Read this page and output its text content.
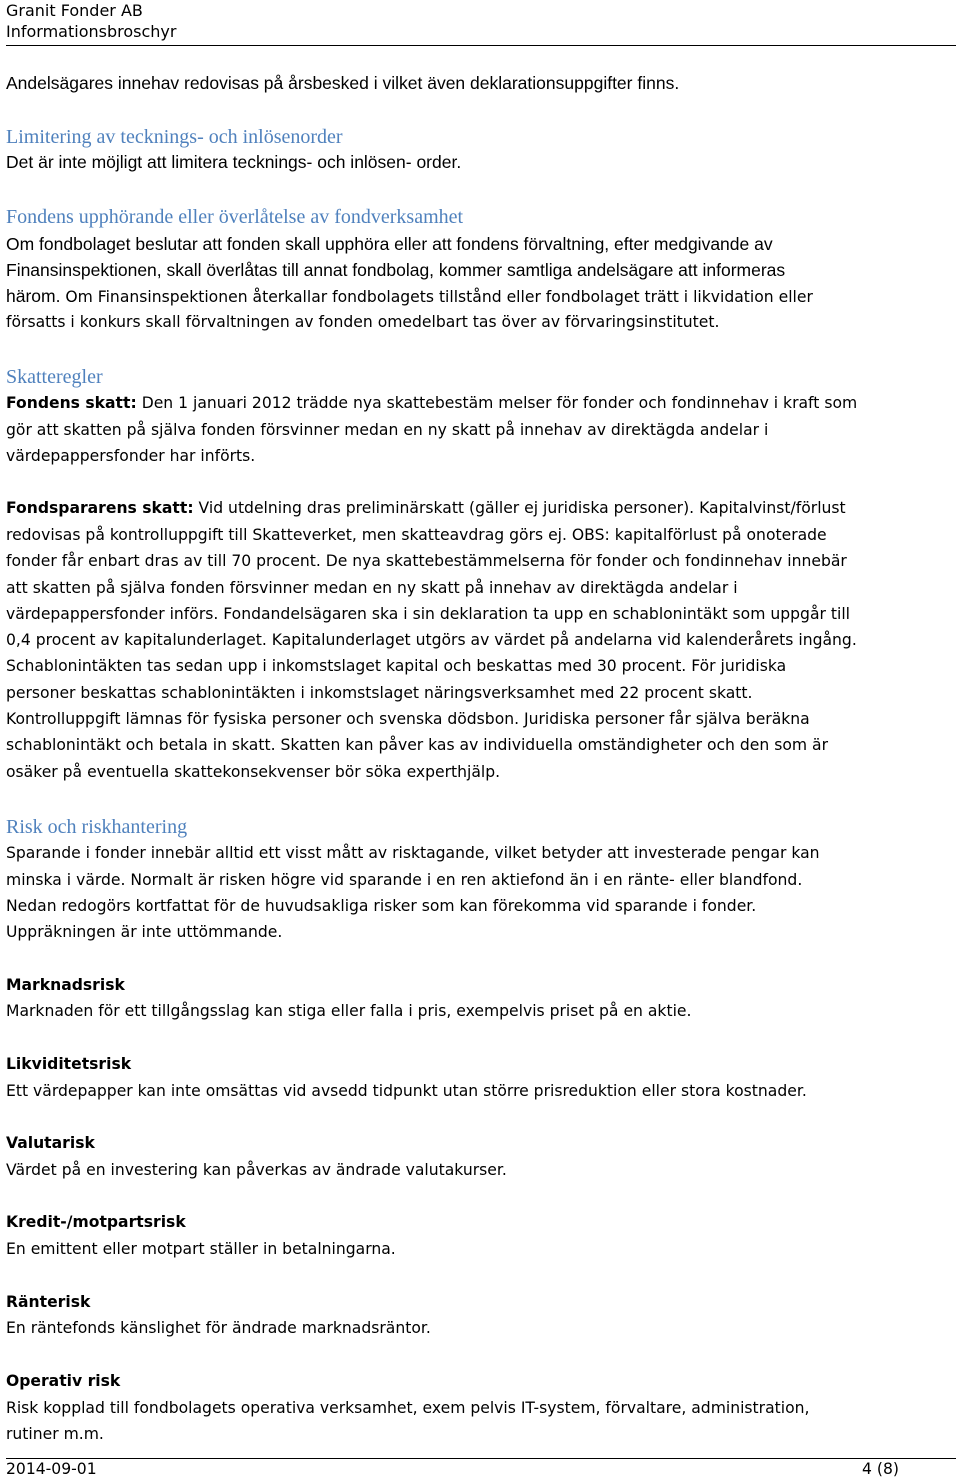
Granit Fonder AB
Informationsbroschyr
Andelsägares innehav redovisas på årsbesked i vilket även deklarationsuppgifter finns.
Limitering av tecknings- och inlösenorder
Det är inte möjligt att limitera tecknings- och inlösen- order.
Fondens upphörande eller överlåtelse av fondverksamhet
Om fondbolaget beslutar att fonden skall upphöra eller att fondens förvaltning, efter medgivande av
Finansinspektionen, skall överlåtas till annat fondbolag, kommer samtliga andelsägare att informeras
härom. Om Finansinspektionen återkallar fondbolagets tillstånd eller fondbolaget trätt i likvidation eller
försatts i konkurs skall förvaltningen av fonden omedelbart tas över av förvaringsinstitutet.
Skatteregler
Fondens skatt: Den 1 januari 2012 trädde nya skattebestäm melser för fonder och fondinnehav i kraft som
gör att skatten på själva fonden försvinner medan en ny skatt på innehav av direktägda andelar i
värdepappersfonder har införts.
Fondspararens skatt: Vid utdelning dras preliminärskatt (gäller ej juridiska personer). Kapitalvinst/förlust
redovisas på kontrolluppgift till Skatteverket, men skatteavdrag görs ej. OBS: kapitalförlust på onoterade
fonder får enbart dras av till 70 procent. De nya skattebestämmelserna för fonder och fondinnehav innebär
att skatten på själva fonden försvinner medan en ny skatt på innehav av direktägda andelar i
värdepappersfonder införs. Fondandelsägaren ska i sin deklaration ta upp en schablonintäkt som uppgår till
0,4 procent av kapitalunderlaget. Kapitalunderlaget utgörs av värdet på andelarna vid kalenderårets ingång.
Schablonintäkten tas sedan upp i inkomstslaget kapital och beskattas med 30 procent. För juridiska
personer beskattas schablonintäkten i inkomstslaget näringsverksamhet med 22 procent skatt.
Kontrolluppgift lämnas för fysiska personer och svenska dödsbon. Juridiska personer får själva beräkna
schablonintäkt och betala in skatt. Skatten kan påver kas av individuella omständigheter och den som är
osäker på eventuella skattekonsekvenser bör söka experthjälp.
Risk och riskhantering
Sparande i fonder innebär alltid ett visst mått av risktagande, vilket betyder att investerade pengar kan
minska i värde. Normalt är risken högre vid sparande i en ren aktiefond än i en ränte- eller blandfond.
Nedan redogörs kortfattat för de huvudsakliga risker som kan förekomma vid sparande i fonder.
Uppräkningen är inte uttömmande.
Marknadsrisk
Marknaden för ett tillgångsslag kan stiga eller falla i pris, exempelvis priset på en aktie.
Likviditetsrisk
Ett värdepapper kan inte omsättas vid avsedd tidpunkt utan större prisreduktion eller stora kostnader.
Valutarisk
Värdet på en investering kan påverkas av ändrade valutakurser.
Kredit-/motpartsrisk
En emittent eller motpart ställer in betalningarna.
Ränterisk
En räntefonds känslighet för ändrade marknadsräntor.
Operativ risk
Risk kopplad till fondbolagets operativa verksamhet, exem pelvis IT-system, förvaltare, administration,
rutiner m.m.
2014-09-01	4 (8)
